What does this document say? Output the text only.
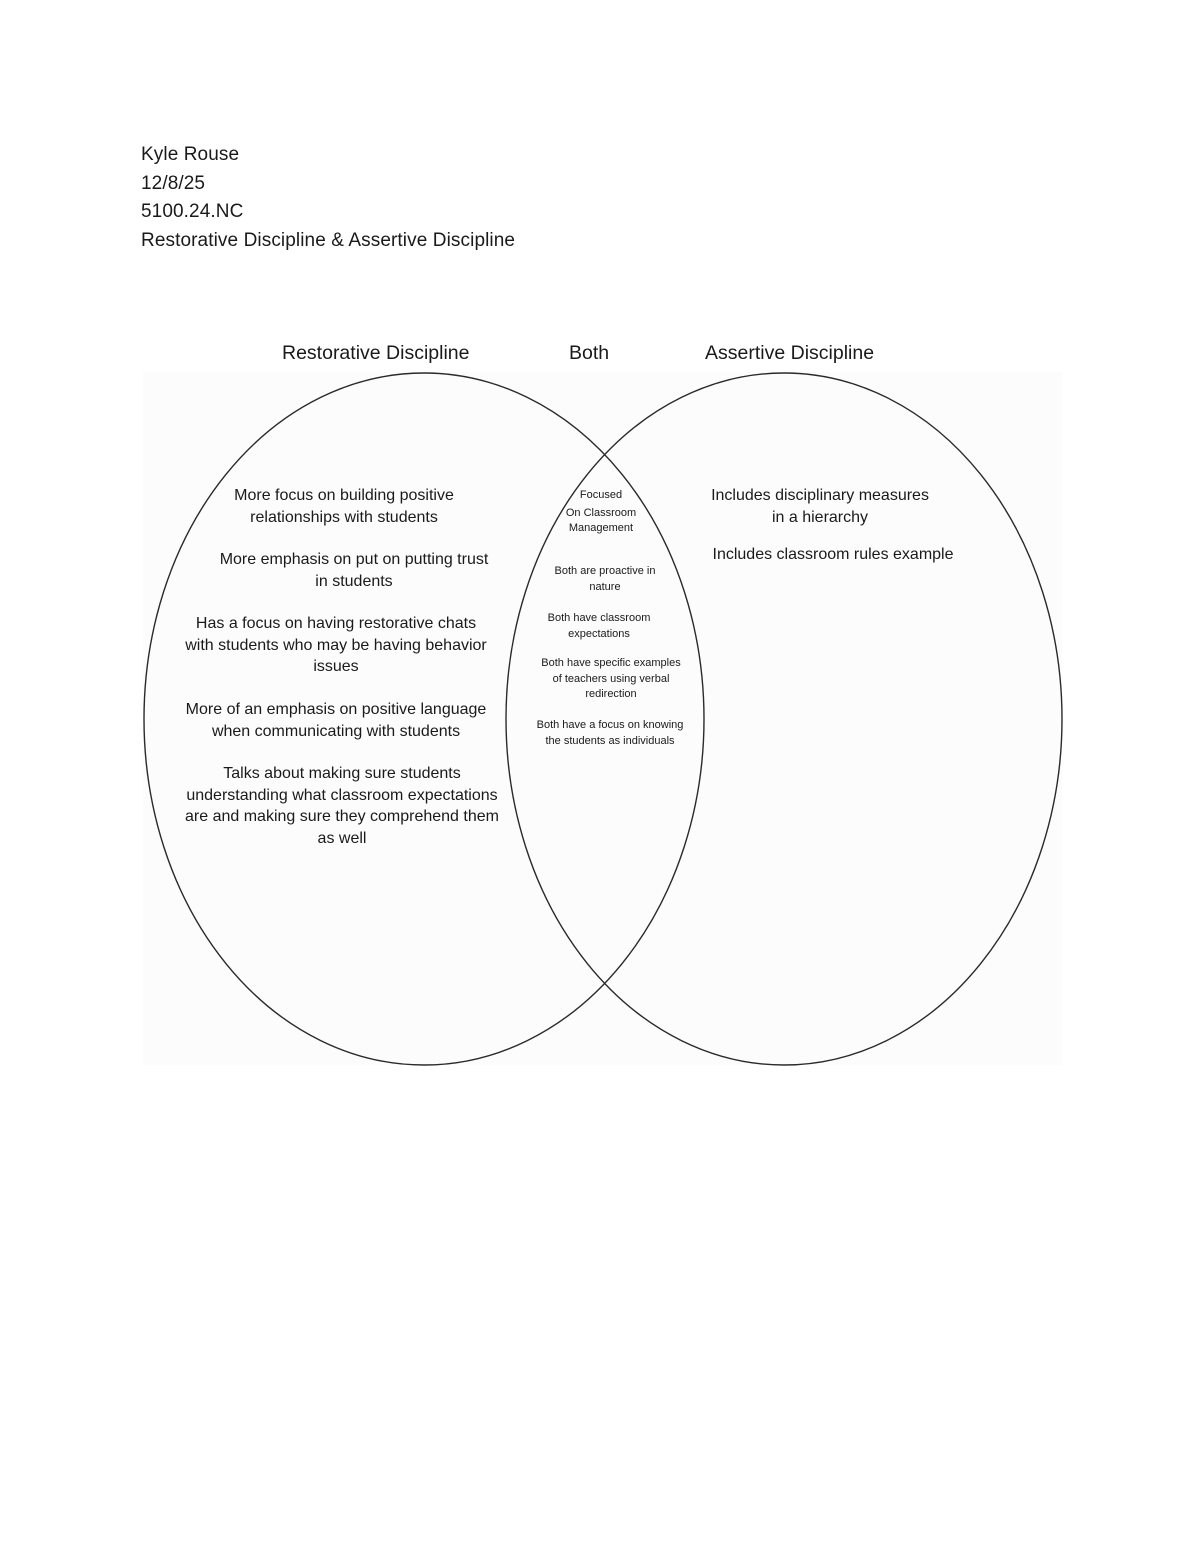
Kyle Rouse
12/8/25
5100.24.NC
Restorative Discipline & Assertive Discipline
Restorative Discipline	Both	Assertive Discipline
More focus on building positive
relationships with students
More emphasis on put on putting trust
in students
Has a focus on having restorative chats
with students who may be having behavior
issues
More of an emphasis on positive language
when communicating with students
Talks about making sure students
understanding what classroom expectations
are and making sure they comprehend them
as well
Focused
On Classroom
Management
Both are proactive in
nature
Both have classroom
expectations
Both have specific examples
of teachers using verbal
redirection
Both have a focus on knowing
the students as individuals
Includes disciplinary measures
in a hierarchy
Includes classroom rules example
